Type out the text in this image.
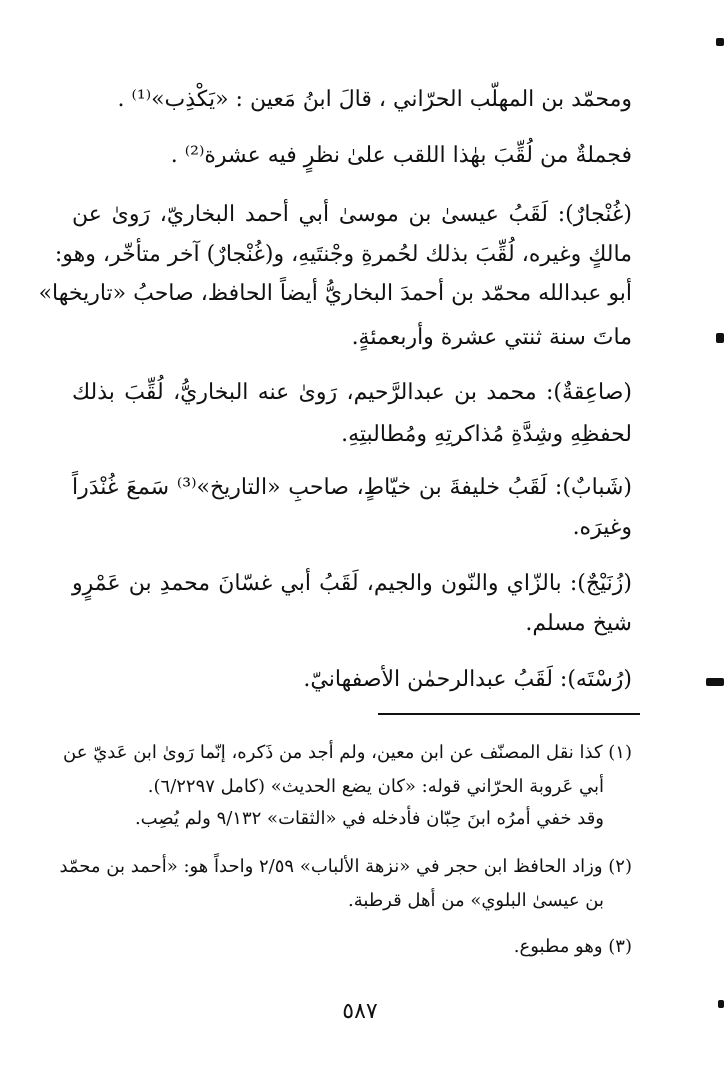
ومحمّد بن المهلّب الحرّاني ، قالَ ابنُ مَعين : «يَكْذِب»⁽¹⁾ .
فجملةٌ من لُقِّبَ بهٰذا اللقب علىٰ نظرٍ فيه عشرة⁽²⁾ .
(غُنْجارٌ): لَقَبُ عيسىٰ بن موسىٰ أبي أحمد البخاريّ، رَوىٰ عن
مالكٍ وغيره، لُقِّبَ بذلك لحُمرةِ وجْنتَيهِ، و(غُنْجارٌ) آخر متأخّر، وهو:
أبو عبدالله محمّد بن أحمدَ البخاريُّ أيضاً الحافظ، صاحبُ «تاريخها»
ماتَ سنة ثنتي عشرة وأربعمئةٍ.
(صاعِقةٌ): محمد بن عبدالرَّحيم، رَوىٰ عنه البخاريُّ، لُقِّبَ بذلك
لحفظِهِ وشِدَّةِ مُذاكرتِهِ ومُطالبتِهِ.
(شَبابٌ): لَقَبُ خليفةَ بن خيّاطٍ، صاحبِ «التاريخ»⁽³⁾ سَمعَ غُنْدَراً
وغيرَه.
(زُنَيْجٌ): بالزّاي والنّون والجيم، لَقَبُ أبي غسّانَ محمدِ بن عَمْرٍو
شيخ مسلم.
(رُسْتَه): لَقَبُ عبدالرحمٰن الأصفهانيّ.
(١) كذا نقل المصنّف عن ابن معين، ولم أجد من ذَكره، إنّما رَوىٰ ابن عَديّ عن
أبي عَروبة الحرّاني قوله: «كان يضع الحديث» (كامل ٦/٢٢٩٧).
وقد خفي أمرُه ابنَ حِبّان فأدخله في «الثقات» ٩/١٣٢ ولم يُصِب.
(٢) وزاد الحافظ ابن حجر في «نزهة الألباب» ٢/٥٩ واحداً هو: «أحمد بن محمّد
بن عيسىٰ البلوي» من أهل قرطبة.
(٣) وهو مطبوع.
٥٨٧
